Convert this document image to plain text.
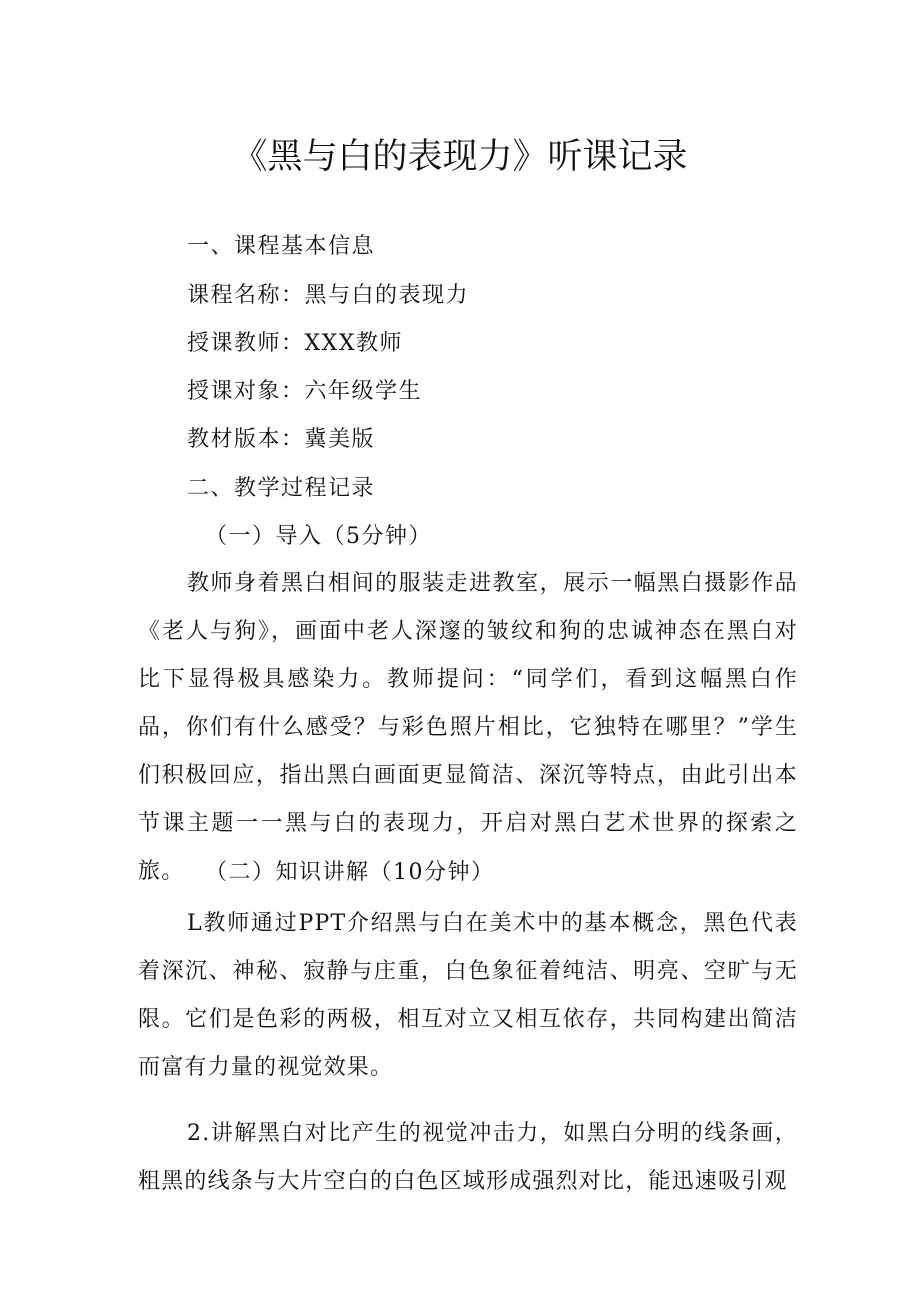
《黑与白的表现力》听课记录
一、课程基本信息
课程名称：黑与白的表现力
授课教师：XXX教师
授课对象：六年级学生
教材版本：冀美版
二、教学过程记录
（一）导入（5分钟）

教师身着黑白相间的服装走进教室，展示一幅黑白摄影作品《老人与狗》，画面中老人深邃的皱纹和狗的忠诚神态在黑白对比下显得极具感染力。教师提问：“同学们，看到这幅黑白作品，你们有什么感受？与彩色照片相比，它独特在哪里？”学生们积极回应，指出黑白画面更显简洁、深沉等特点，由此引出本节课主题一一黑与白的表现力，开启对黑白艺术世界的探索之旅。 （二）知识讲解（10分钟）

L教师通过PPT介绍黑与白在美术中的基本概念，黑色代表着深沉、神秘、寂静与庄重，白色象征着纯洁、明亮、空旷与无限。它们是色彩的两极，相互对立又相互依存，共同构建出简洁而富有力量的视觉效果。

2.讲解黑白对比产生的视觉冲击力，如黑白分明的线条画，粗黑的线条与大片空白的白色区域形成强烈对比，能迅速吸引观
